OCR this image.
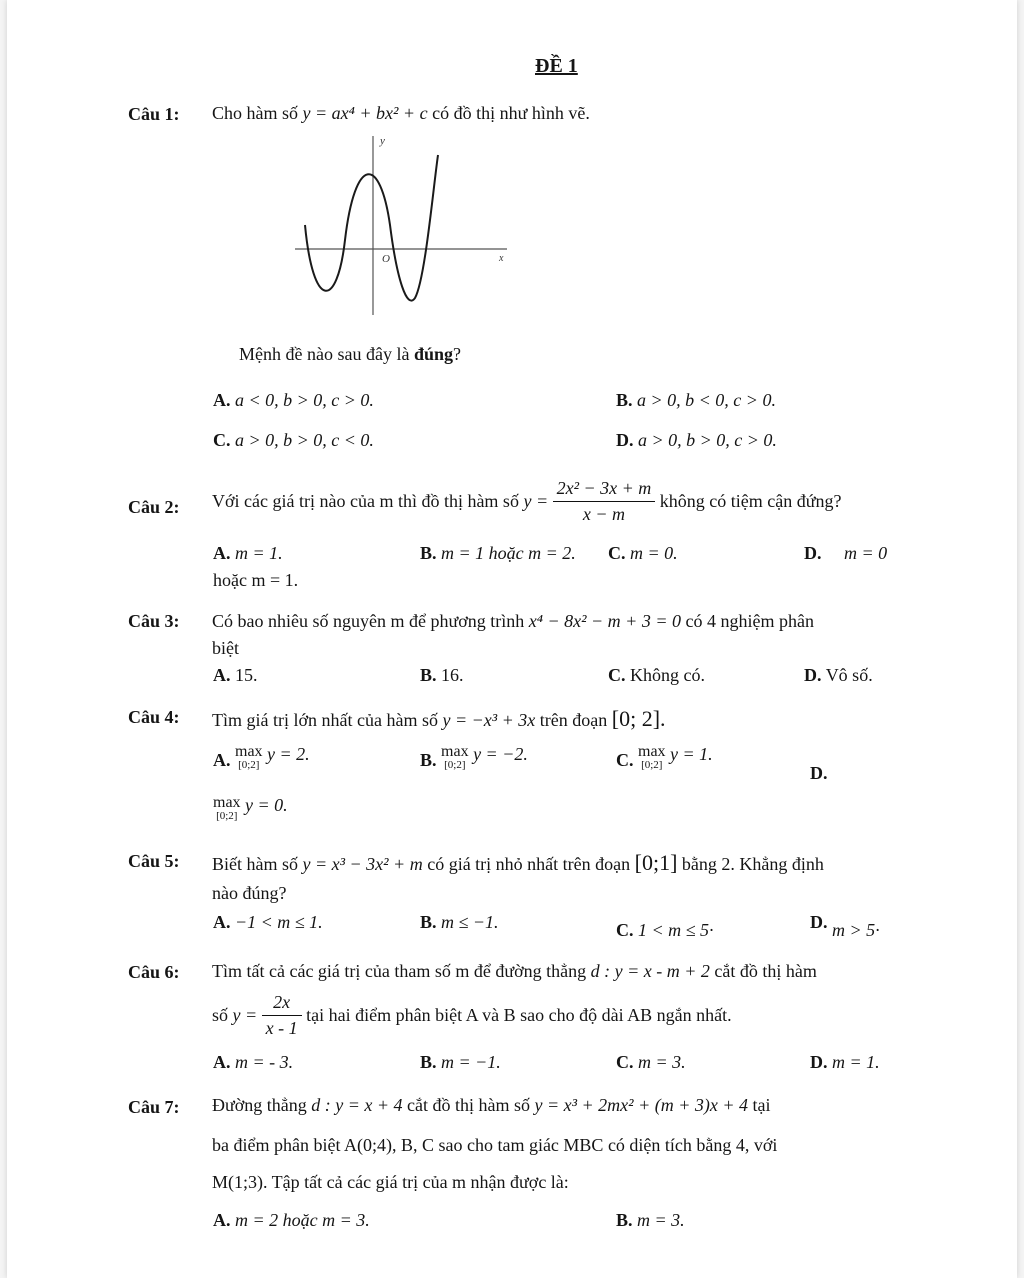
ĐỀ 1
Câu 1: Cho hàm số y = ax⁴ + bx² + c có đồ thị như hình vẽ.
y
x
O
Mệnh đề nào sau đây là đúng?
A. a < 0, b > 0, c > 0.	B. a > 0, b < 0, c > 0.
C. a > 0, b > 0, c < 0.	D. a > 0, b > 0, c > 0.
Câu 2: Với các giá trị nào của m thì đồ thị hàm số $y = \frac{\text{2x² − 3x + m}}{x - m}$ không có tiệm cận đứng?
A. m = 1.	B. m = 1 hoặc m = 2. C. m = 0.	D. m = 0
hoặc m = 1.
Câu 3: Có bao nhiêu số nguyên m để phương trình x⁴ − 8x² − m + 3 = 0 có 4 nghiệm phân
biệt
A. 15.	B. 16.	C. Không có.	D. Vô số.
Câu 4: Tìm giá trị lớn nhất của hàm số y = −x³ + 3x trên đoạn [0; 2].
A. max
[0;2]
y = 2.	B. max
[0;2]
y = −2.	C. max
[0;2]
y = 1.
D.
max
[0;2]
y = 0.
Câu 5: Biết hàm số y = x³ − 3x² + m có giá trị nhỏ nhất trên đoạn [0;1] bằng 2. Khẳng định
nào đúng?
A. −1 < m ≤ 1.	B. m ≤ −1.	C. 1 < m ≤ 5·	D. m > 5·
Câu 6: Tìm tất cả các giá trị của tham số m để đường thẳng d : y = x - m + 2 cắt đồ thị hàm
số $y = \frac{2x}{x - 1}$ tại hai điểm phân biệt A và B sao cho độ dài AB ngắn nhất.
A. m = - 3.	B. m = −1.	C. m = 3.	D. m = 1.
Câu 7: Đường thẳng d : y = x + 4 cắt đồ thị hàm số y = x³ + 2mx² + (m + 3)x + 4 tại
ba điểm phân biệt A(0;4), B, C sao cho tam giác MBC có diện tích bằng 4, với
M(1;3). Tập tất cả các giá trị của m nhận được là:
A. m = 2 hoặc m = 3.	B. m = 3.
